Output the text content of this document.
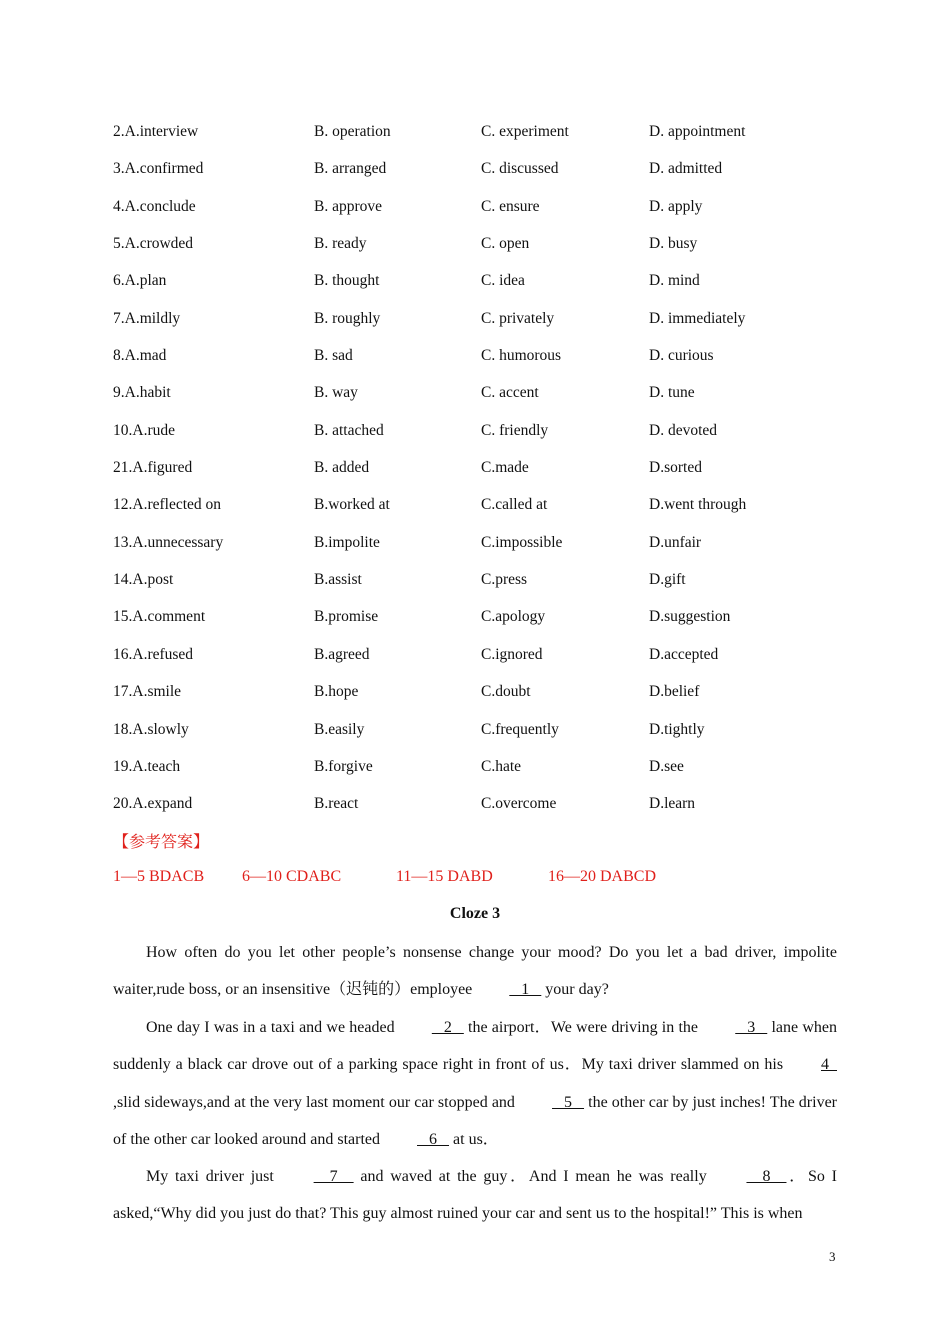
2.A.interview	B. operation	C. experiment	D. appointment
3.A.confirmed	B. arranged	C. discussed	D. admitted
4.A.conclude	B. approve	C. ensure	D. apply
5.A.crowded	B. ready	C. open	D. busy
6.A.plan	B. thought	C. idea	D. mind
7.A.mildly	B. roughly	C. privately	D. immediately
8.A.mad	B. sad	C. humorous	D. curious
9.A.habit	B. way	C. accent	D. tune
10.A.rude	B. attached	C. friendly	D. devoted
21.A.figured	B. added	C.made	D.sorted
12.A.reflected on	B.worked at	C.called at	D.went through
13.A.unnecessary	B.impolite	C.impossible	D.unfair
14.A.post	B.assist	C.press	D.gift
15.A.comment	B.promise	C.apology	D.suggestion
16.A.refused	B.agreed	C.ignored	D.accepted
17.A.smile	B.hope	C.doubt	D.belief
18.A.slowly	B.easily	C.frequently	D.tightly
19.A.teach	B.forgive	C.hate	D.see
20.A.expand	B.react	C.overcome	D.learn
【参考答案】
1—5 BDACB 6—10 CDABC	11—15 DABD	16—20 DABCD
Cloze 3
How often do you let other people’s nonsense change your mood? Do you let a bad driver, impolite waiter,rude boss, or an insensitive（迟钝的）employee    1    your day?
One day I was in a taxi and we headed    2    the airport．We were driving in the    3    lane when suddenly a black car drove out of a parking space right in front of us．My taxi driver slammed on his 4  ,slid sideways,and at the very last moment our car stopped and    5    the other car by just inches! The driver of the other car looked around and started    6    at us．
My taxi driver just     7     and waved at the guy．And I mean he was really     8    ．So I asked,“Why did you just do that? This guy almost ruined your car and sent us to the hospital!” This is when
3
